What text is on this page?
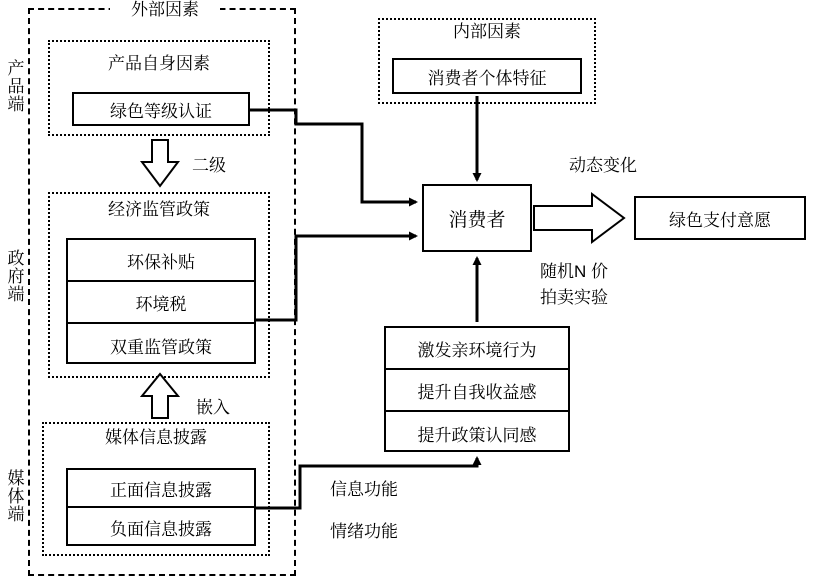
外部因素
产品端
政府端
媒体端
产品自身因素
绿色等级认证
经济监管政策
环保补贴
环境税
双重监管政策
媒体信息披露
正面信息披露
负面信息披露
内部因素
消费者个体特征
消费者	绿色支付意愿
激发亲环境行为
提升自我收益感
提升政策认同感
二级
嵌入
动态变化
随机N 价
拍卖实验
信息功能
情绪功能
